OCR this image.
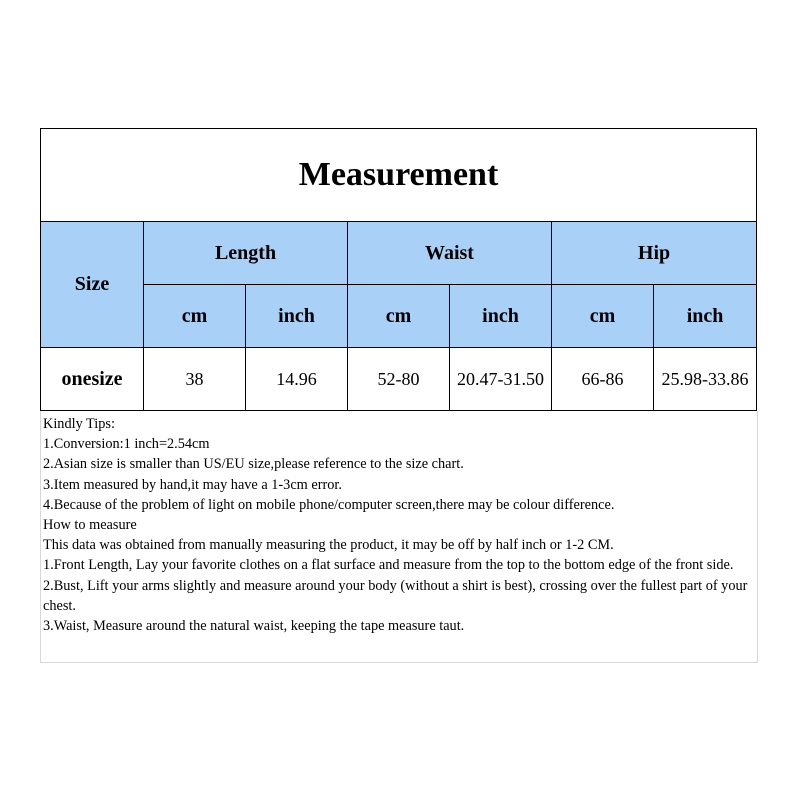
Measurement						
Size	Length		Waist		Hip	
	cm	inch	cm	inch	cm	inch
onesize	38	14.96	52-80	20.47-31.50	66-86	25.98-33.86
Kindly Tips:
1.Conversion:1 inch=2.54cm
2.Asian size is smaller than US/EU size,please reference to the size chart.
3.Item measured by hand,it may have a 1-3cm error.
4.Because of the problem of light on mobile phone/computer screen,there may be colour difference.
How to measure
This data was obtained from manually measuring the product, it may be off by half inch or 1-2 CM.
1.Front Length, Lay your favorite clothes on a flat surface and measure from the top to the bottom edge of the front side.
2.Bust, Lift your arms slightly and measure around your body (without a shirt is best), crossing over the fullest part of your chest.
3.Waist, Measure around the natural waist, keeping the tape measure taut.
